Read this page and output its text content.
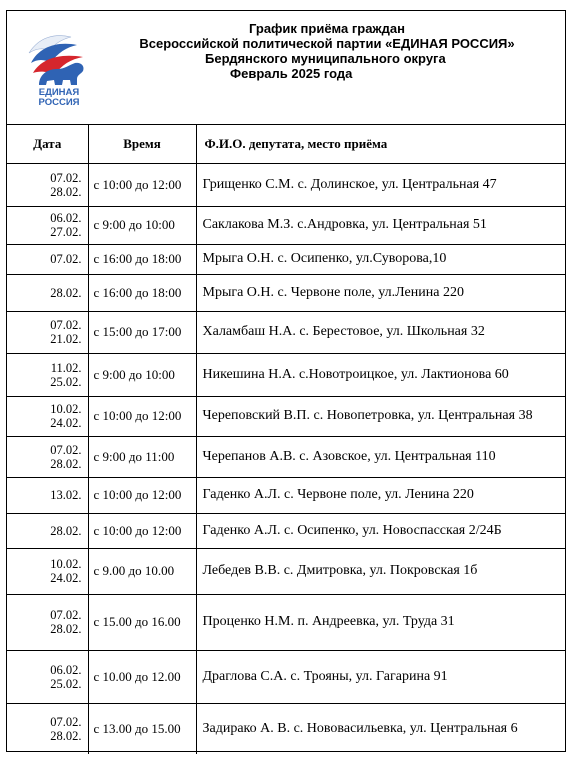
ЕДИНАЯ
РОССИЯ
График приёма граждан
Всероссийской политической партии «ЕДИНАЯ РОССИЯ»
Бердянского муниципального округа
Февраль 2025 года
Дата	Время	Ф.И.О. депутата, место приёма

07.02.
28.02.	с 10:00 до 12:00	Грищенко С.М. с. Долинское, ул. Центральная 47

06.02.
27.02.	с 9:00 до 10:00	Саклакова М.З. с.Андровка, ул. Центральная 51

07.02.	с 16:00 до 18:00	Мрыга О.Н. с. Осипенко, ул.Суворова,10

28.02.	с 16:00 до 18:00	Мрыга О.Н. с. Червоне поле, ул.Ленина 220

07.02.
21.02.	с 15:00 до 17:00	Халамбаш Н.А. с. Берестовое, ул. Школьная 32

11.02.
25.02.	с 9:00 до 10:00	Никешина Н.А. с.Новотроицкое, ул. Лактионова 60

10.02.
24.02.	с 10:00 до 12:00	Череповский В.П. с. Новопетровка, ул. Центральная 38

07.02.
28.02.	с 9:00 до 11:00	Черепанов А.В. с. Азовское, ул. Центральная 110

13.02.	с 10:00 до 12:00	Гаденко А.Л. с. Червоне поле, ул. Ленина 220

28.02.	с 10:00 до 12:00	Гаденко А.Л. с. Осипенко, ул. Новоспасская 2/24Б

10.02.
24.02.	с 9.00 до 10.00	Лебедев В.В. с. Дмитровка, ул. Покровская 1б

07.02.
28.02.	с 15.00 до 16.00	Проценко Н.М. п. Андреевка, ул. Труда 31

06.02.
25.02.	с 10.00 до 12.00	Драглова С.А. с. Трояны, ул. Гагарина 91

07.02.
28.02.	с 13.00 до 15.00	Задирако А. В. с. Нововасильевка, ул. Центральная 6
